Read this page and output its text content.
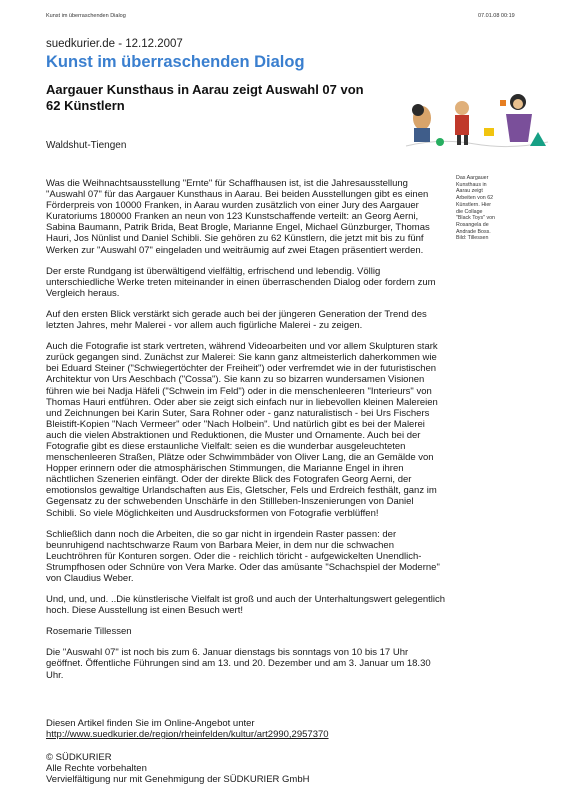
Kunst im überraschenden Dialog	07.01.08 00:19
suedkurier.de - 12.12.2007
Kunst im überraschenden Dialog
Aargauer Kunsthaus in Aarau zeigt Auswahl 07 von 62 Künstlern
Das Aargauer Kunsthaus in Aarau zeigt Arbeiten von 62 Künstlern. Hier die Collage "Black Toys" von Rosangela de Andrade Boss. Bild: Tillessen
Waldshut-Tiengen

Was die Weihnachtsausstellung "Ernte" für Schaffhausen ist, ist die Jahresausstellung "Auswahl 07" für das Aargauer Kunsthaus in Aarau. Bei beiden Ausstellungen gibt es einen Förderpreis von 10000 Franken, in Aarau wurden zusätzlich von einer Jury des Aargauer Kuratoriums 180000 Franken an neun von 123 Kunstschaffende verteilt: an Georg Aerni, Sabina Baumann, Patrik Brida, Beat Brogle, Marianne Engel, Michael Günzburger, Thomas Hauri, Jos Nünlist und Daniel Schibli. Sie gehören zu 62 Künstlern, die jetzt mit bis zu fünf Werken zur "Auswahl 07" eingeladen und weiträumig auf zwei Etagen präsentiert werden.

Der erste Rundgang ist überwältigend vielfältig, erfrischend und lebendig. Völlig unterschiedliche Werke treten miteinander in einen überraschenden Dialog oder fordern zum Vergleich heraus.

Auf den ersten Blick verstärkt sich gerade auch bei der jüngeren Generation der Trend des letzten Jahres, mehr Malerei - vor allem auch figürliche Malerei - zu zeigen.

Auch die Fotografie ist stark vertreten, während Videoarbeiten und vor allem Skulpturen stark zurück gegangen sind. Zunächst zur Malerei: Sie kann ganz altmeisterlich daherkommen wie bei Eduard Steiner ("Schwiegertöchter der Freiheit") oder verfremdet wie in der futuristischen Architektur von Urs Aeschbach ("Cossa"). Sie kann zu so bizarren wundersamen Visionen führen wie bei Nadja Häfeli ("Schwein im Feld") oder in die menschenleeren "Interieurs" von Thomas Hauri entführen. Oder aber sie zeigt sich einfach nur in liebevollen kleinen Malereien und Zeichnungen bei Karin Suter, Sara Rohner oder - ganz naturalistisch - bei Urs Fischers Bleistift-Kopien "Nach Vermeer" oder "Nach Holbein". Und natürlich gibt es bei der Malerei auch die vielen Abstraktionen und Reduktionen, die Muster und Ornamente. Auch bei der Fotografie gibt es diese erstaunliche Vielfalt: seien es die wunderbar ausgeleuchteten menschenleeren Straßen, Plätze oder Schwimmbäder von Oliver Lang, die an Gemälde von Hopper erinnern oder die atmosphärischen Stimmungen, die Marianne Engel in ihren nächtlichen Szenerien einfängt. Oder der direkte Blick des Fotografen Georg Aerni, der emotionslos gewaltige Urlandschaften aus Eis, Gletscher, Fels und Erdreich festhält, ganz im Gegensatz zu der schwebenden Unschärfe in den Stillleben-Inszenierungen von Daniel Schibli. So viele Möglichkeiten und Ausdrucksformen von Fotografie verblüffen!

Schließlich dann noch die Arbeiten, die so gar nicht in irgendein Raster passen: der beunruhigend nachtschwarze Raum von Barbara Meier, in dem nur die schwachen Leuchtröhren für Konturen sorgen. Oder die - reichlich töricht - aufgewickelten Unendlich-Strumpfhosen oder Schnüre von Vera Marke. Oder das amüsante "Schachspiel der Moderne" von Claudius Weber.

Und, und, und. ..Die künstlerische Vielfalt ist groß und auch der Unterhaltungswert gelegentlich hoch. Diese Ausstellung ist einen Besuch wert!

Rosemarie Tillessen

Die "Auswahl 07" ist noch bis zum 6. Januar dienstags bis sonntags von 10 bis 17 Uhr geöffnet. Öffentliche Führungen sind am 13. und 20. Dezember und am 3. Januar um 18.30 Uhr.

Diesen Artikel finden Sie im Online-Angebot unter
http://www.suedkurier.de/region/rheinfelden/kultur/art2990,2957370
© SÜDKURIER
Alle Rechte vorbehalten
Vervielfältigung nur mit Genehmigung der SÜDKURIER GmbH
